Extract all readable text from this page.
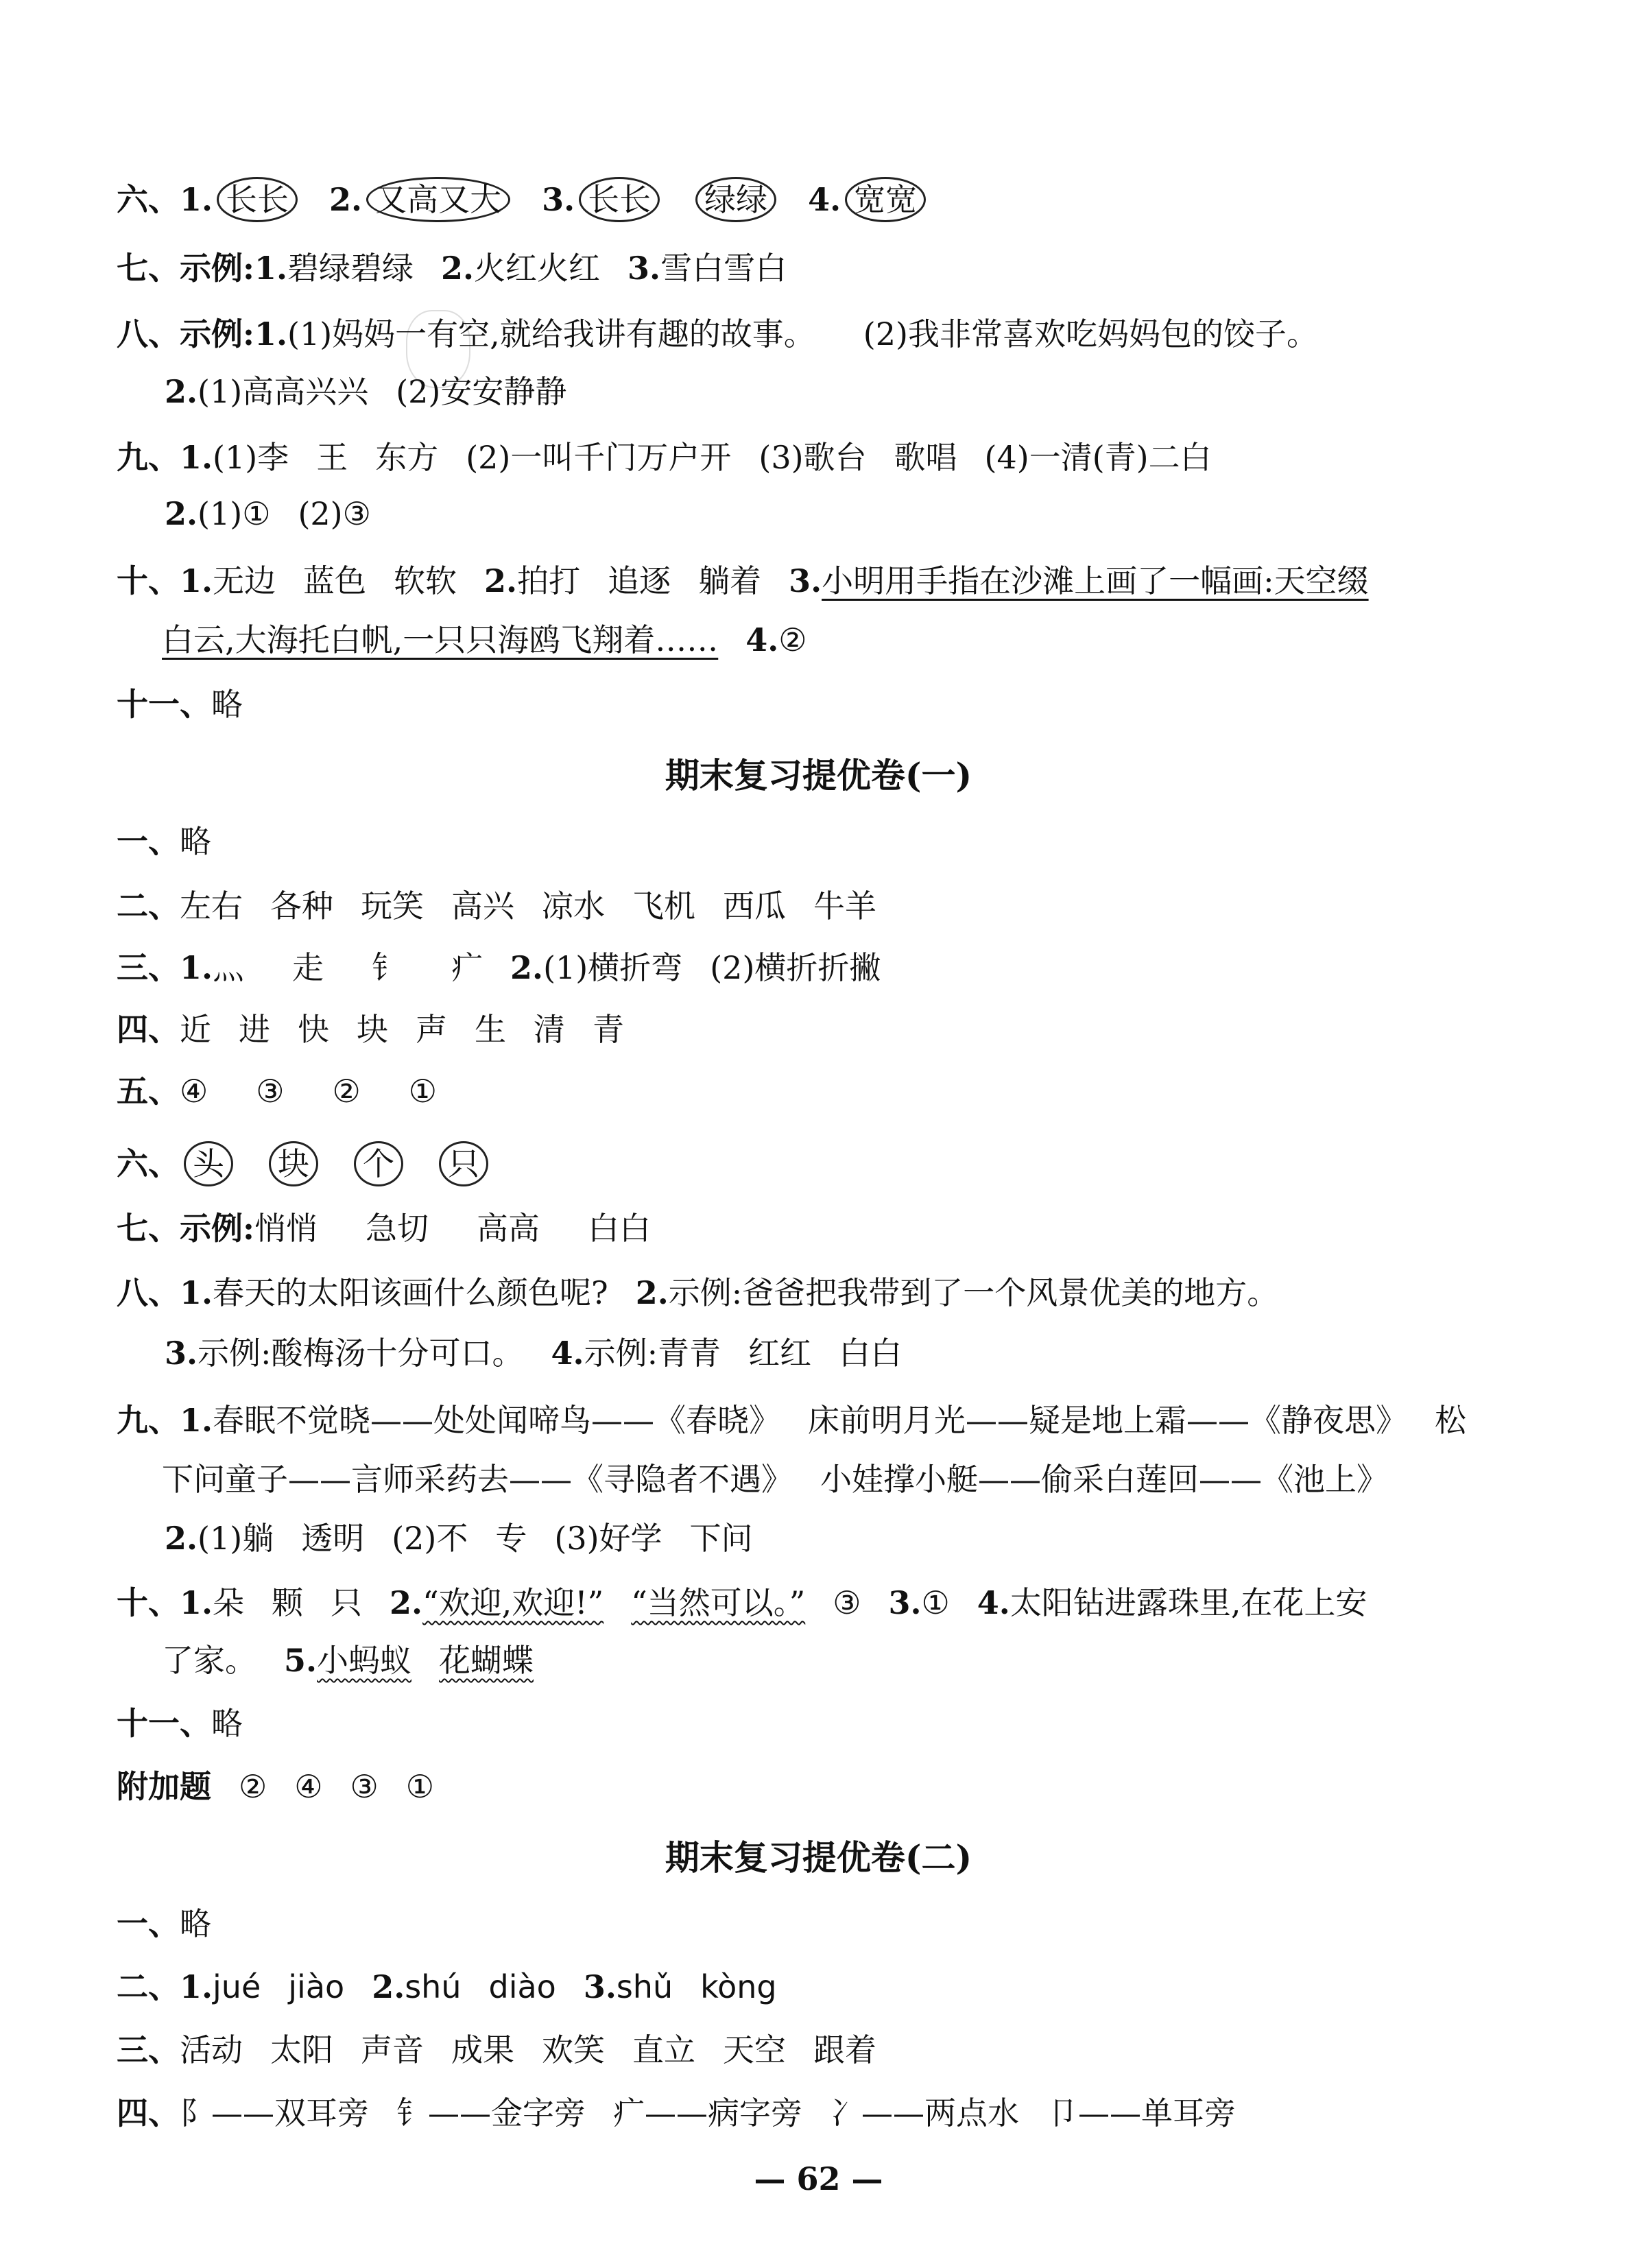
六、1. 长长 2. 又高又大 3. 长长 绿绿 4. 宽宽
七、示例:1.碧绿碧绿 2.火红火红 3.雪白雪白
八、示例:1.(1)妈妈一有空,就给我讲有趣的故事。 (2)我非常喜欢吃妈妈包的饺子。
2.(1)高高兴兴 (2)安安静静
九、1.(1)李 王 东方 (2)一叫千门万户开 (3)歌台 歌唱 (4)一清(青)二白
2.(1)① (2)③
十、1.无边 蓝色 软软 2.拍打 追逐 躺着 3.小明用手指在沙滩上画了一幅画:天空缀
白云,大海托白帆,一只只海鸥飞翔着…… 4.②
十一、略
期末复习提优卷(一)
一、略
二、左右 各种 玩笑 高兴 凉水 飞机 西瓜 牛羊
三、1.⺣ 走 钅 疒 2.(1)横折弯 (2)横折折撇
四、近 进 快 块 声 生 清 青
五、④ ③ ② ①
六、 头 块 个 只
七、示例:悄悄 急切 高高 白白
八、1.春天的太阳该画什么颜色呢? 2.示例:爸爸把我带到了一个风景优美的地方。
3.示例:酸梅汤十分可口。 4.示例:青青 红红 白白
九、1.春眠不觉晓——处处闻啼鸟——《春晓》 床前明月光——疑是地上霜——《静夜思》 松
下问童子——言师采药去——《寻隐者不遇》 小娃撑小艇——偷采白莲回——《池上》
2.(1)躺 透明 (2)不 专 (3)好学 下问
十、1.朵 颗 只 2.“欢迎,欢迎!” “当然可以。” ③ 3.① 4.太阳钻进露珠里,在花上安
了家。 5.小蚂蚁 花蝴蝶
十一、略
附加题 ② ④ ③ ①
期末复习提优卷(二)
一、略
二、1.jué jiào 2.shú diào 3.shǔ kòng
三、活动 太阳 声音 成果 欢笑 直立 天空 跟着
四、阝——双耳旁 钅——金字旁 疒——病字旁 冫——两点水 卩——单耳旁
— 62 —
